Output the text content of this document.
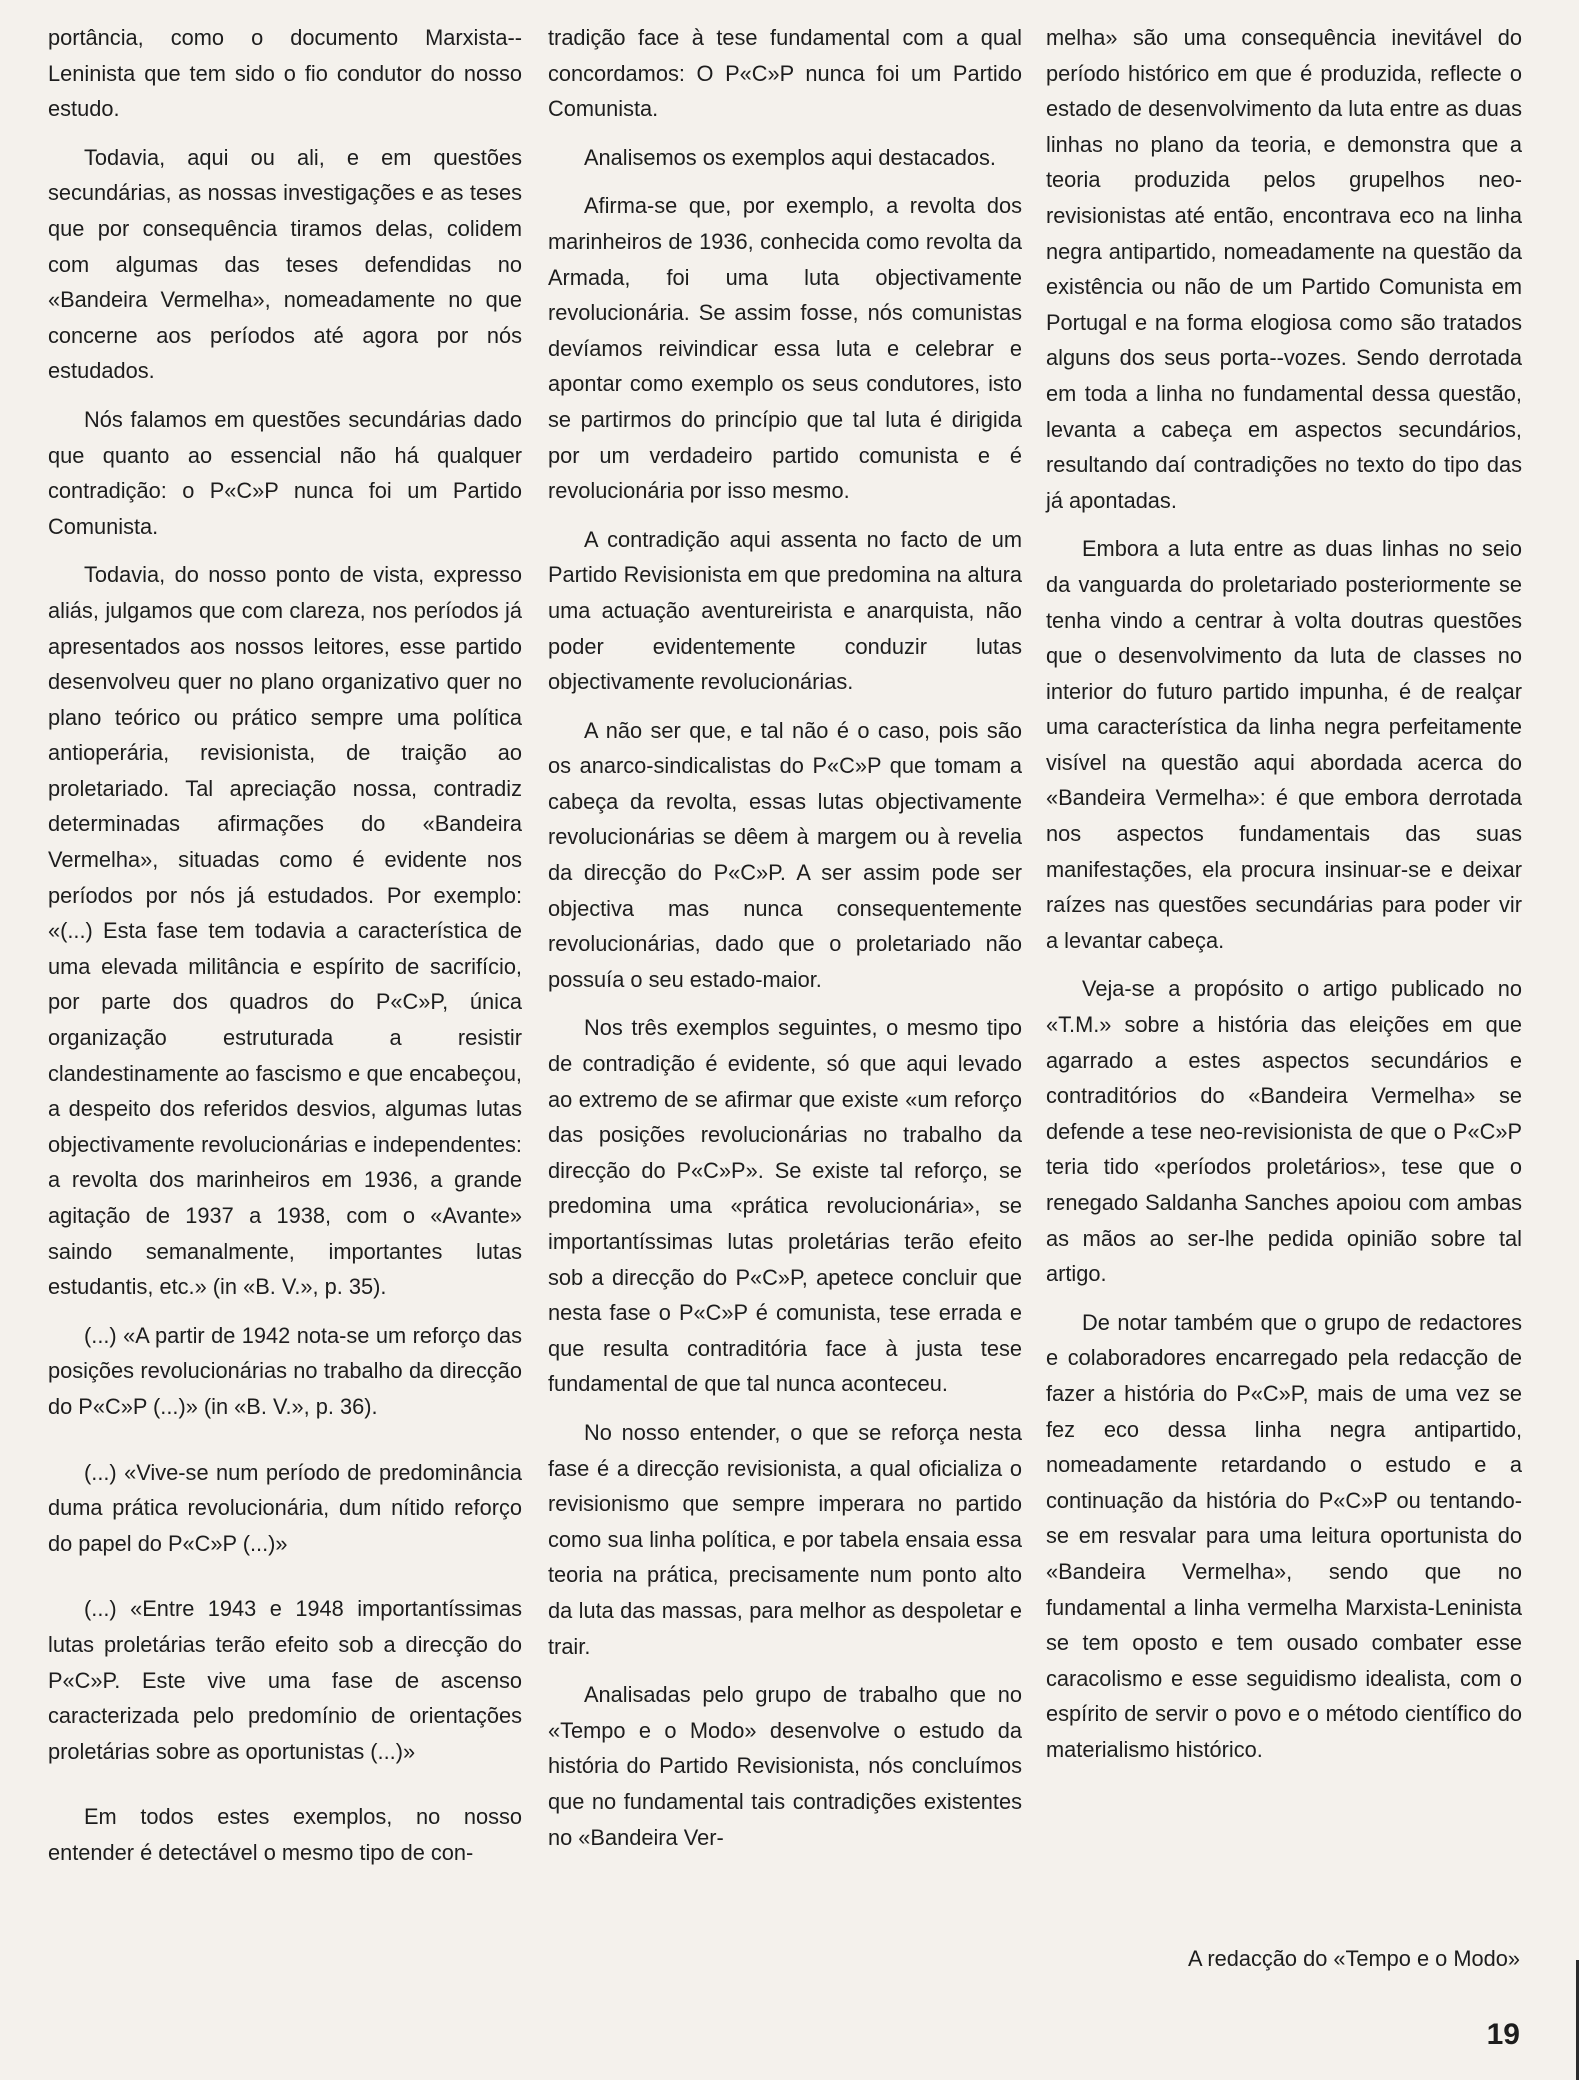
portância, como o documento Marxista--Leninista que tem sido o fio condutor do nosso estudo.

Todavia, aqui ou ali, e em questões secundárias, as nossas investigações e as teses que por consequência tiramos delas, colidem com algumas das teses defendidas no «Bandeira Vermelha», nomeadamente no que concerne aos períodos até agora por nós estudados.

Nós falamos em questões secundárias dado que quanto ao essencial não há qualquer contradição: o P«C»P nunca foi um Partido Comunista.

Todavia, do nosso ponto de vista, expresso aliás, julgamos que com clareza, nos períodos já apresentados aos nossos leitores, esse partido desenvolveu quer no plano organizativo quer no plano teórico ou prático sempre uma política antioperária, revisionista, de traição ao proletariado. Tal apreciação nossa, contradiz determinadas afirmações do «Bandeira Vermelha», situadas como é evidente nos períodos por nós já estudados. Por exemplo: «(...) Esta fase tem todavia a característica de uma elevada militância e espírito de sacrifício, por parte dos quadros do P«C»P, única organização estruturada a resistir clandestinamente ao fascismo e que encabeçou, a despeito dos referidos desvios, algumas lutas objectivamente revolucionárias e independentes: a revolta dos marinheiros em 1936, a grande agitação de 1937 a 1938, com o «Avante» saindo semanalmente, importantes lutas estudantis, etc.» (in «B. V.», p. 35).

(...) «A partir de 1942 nota-se um reforço das posições revolucionárias no trabalho da direcção do P«C»P (...)» (in «B. V.», p. 36).

(...) «Vive-se num período de predominância duma prática revolucionária, dum nítido reforço do papel do P«C»P (...)»

(...) «Entre 1943 e 1948 importantíssimas lutas proletárias terão efeito sob a direcção do P«C»P. Este vive uma fase de ascenso caracterizada pelo predomínio de orientações proletárias sobre as oportunistas (...)»

Em todos estes exemplos, no nosso entender é detectável o mesmo tipo de con-

tradição face à tese fundamental com a qual concordamos: O P«C»P nunca foi um Partido Comunista.

Analisemos os exemplos aqui destacados.

Afirma-se que, por exemplo, a revolta dos marinheiros de 1936, conhecida como revolta da Armada, foi uma luta objectivamente revolucionária. Se assim fosse, nós comunistas devíamos reivindicar essa luta e celebrar e apontar como exemplo os seus condutores, isto se partirmos do princípio que tal luta é dirigida por um verdadeiro partido comunista e é revolucionária por isso mesmo.

A contradição aqui assenta no facto de um Partido Revisionista em que predomina na altura uma actuação aventureirista e anarquista, não poder evidentemente conduzir lutas objectivamente revolucionárias.

A não ser que, e tal não é o caso, pois são os anarco-sindicalistas do P«C»P que tomam a cabeça da revolta, essas lutas objectivamente revolucionárias se dêem à margem ou à revelia da direcção do P«C»P. A ser assim pode ser objectiva mas nunca consequentemente revolucionárias, dado que o proletariado não possuía o seu estado-maior.

Nos três exemplos seguintes, o mesmo tipo de contradição é evidente, só que aqui levado ao extremo de se afirmar que existe «um reforço das posições revolucionárias no trabalho da direcção do P«C»P». Se existe tal reforço, se predomina uma «prática revolucionária», se importantíssimas lutas proletárias terão efeito sob a direcção do P«C»P, apetece concluir que nesta fase o P«C»P é comunista, tese errada e que resulta contraditória face à justa tese fundamental de que tal nunca aconteceu.

No nosso entender, o que se reforça nesta fase é a direcção revisionista, a qual oficializa o revisionismo que sempre imperara no partido como sua linha política, e por tabela ensaia essa teoria na prática, precisamente num ponto alto da luta das massas, para melhor as despoletar e trair.

Analisadas pelo grupo de trabalho que no «Tempo e o Modo» desenvolve o estudo da história do Partido Revisionista, nós concluímos que no fundamental tais contradições existentes no «Bandeira Ver-

melha» são uma consequência inevitável do período histórico em que é produzida, reflecte o estado de desenvolvimento da luta entre as duas linhas no plano da teoria, e demonstra que a teoria produzida pelos grupelhos neo-revisionistas até então, encontrava eco na linha negra antipartido, nomeadamente na questão da existência ou não de um Partido Comunista em Portugal e na forma elogiosa como são tratados alguns dos seus porta--vozes. Sendo derrotada em toda a linha no fundamental dessa questão, levanta a cabeça em aspectos secundários, resultando daí contradições no texto do tipo das já apontadas.

Embora a luta entre as duas linhas no seio da vanguarda do proletariado posteriormente se tenha vindo a centrar à volta doutras questões que o desenvolvimento da luta de classes no interior do futuro partido impunha, é de realçar uma característica da linha negra perfeitamente visível na questão aqui abordada acerca do «Bandeira Vermelha»: é que embora derrotada nos aspectos fundamentais das suas manifestações, ela procura insinuar-se e deixar raízes nas questões secundárias para poder vir a levantar cabeça.

Veja-se a propósito o artigo publicado no «T.M.» sobre a história das eleições em que agarrado a estes aspectos secundários e contraditórios do «Bandeira Vermelha» se defende a tese neo-revisionista de que o P«C»P teria tido «períodos proletários», tese que o renegado Saldanha Sanches apoiou com ambas as mãos ao ser-lhe pedida opinião sobre tal artigo.

De notar também que o grupo de redactores e colaboradores encarregado pela redacção de fazer a história do P«C»P, mais de uma vez se fez eco dessa linha negra antipartido, nomeadamente retardando o estudo e a continuação da história do P«C»P ou tentando-se em resvalar para uma leitura oportunista do «Bandeira Vermelha», sendo que no fundamental a linha vermelha Marxista-Leninista se tem oposto e tem ousado combater esse caracolismo e esse seguidismo idealista, com o espírito de servir o povo e o método científico do materialismo histórico.

A redacção do «Tempo e o Modo»
19
